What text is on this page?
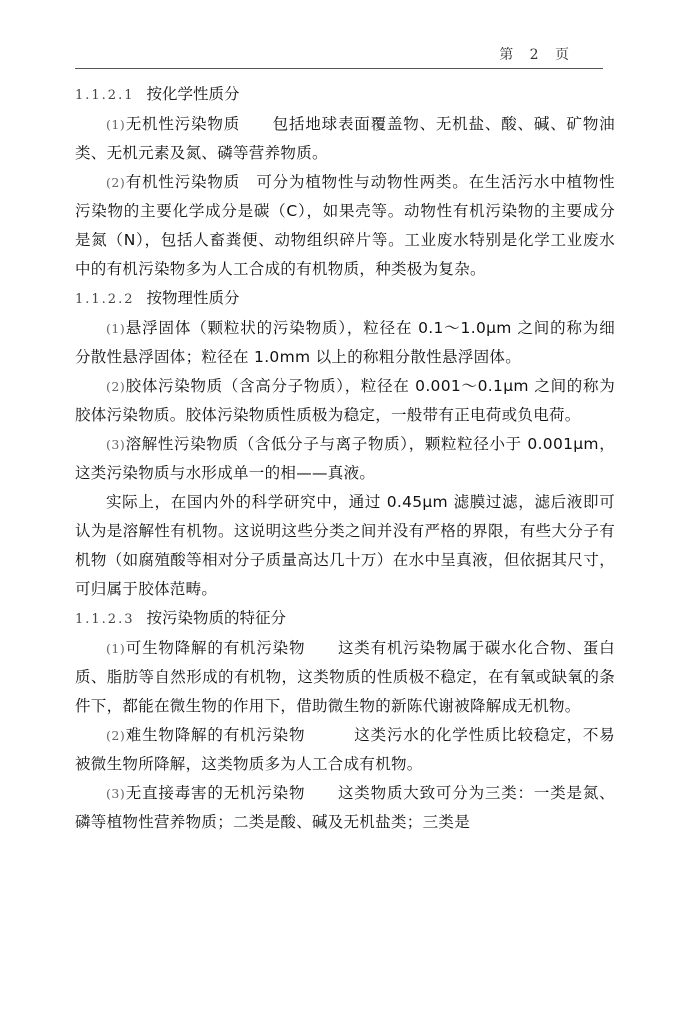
第 2 页

1.1.2.1 按化学性质分

(1)无机性污染物质　　包括地球表面覆盖物、无机盐、酸、碱、矿物油类、无机元素及氮、磷等营养物质。

(2)有机性污染物质　可分为植物性与动物性两类。在生活污水中植物性污染物的主要化学成分是碳（C），如果壳等。动物性有机污染物的主要成分是氮（N），包括人畜粪便、动物组织碎片等。工业废水特别是化学工业废水中的有机污染物多为人工合成的有机物质，种类极为复杂。

1.1.2.2 按物理性质分

(1)悬浮固体（颗粒状的污染物质），粒径在 0.1～1.0μm 之间的称为细分散性悬浮固体；粒径在 1.0mm 以上的称粗分散性悬浮固体。

(2)胶体污染物质（含高分子物质），粒径在 0.001～0.1μm 之间的称为胶体污染物质。胶体污染物质性质极为稳定，一般带有正电荷或负电荷。

(3)溶解性污染物质（含低分子与离子物质），颗粒粒径小于 0.001μm，这类污染物质与水形成单一的相——真液。

实际上，在国内外的科学研究中，通过 0.45μm 滤膜过滤，滤后液即可认为是溶解性有机物。这说明这些分类之间并没有严格的界限，有些大分子有机物（如腐殖酸等相对分子质量高达几十万）在水中呈真液，但依据其尺寸，可归属于胶体范畴。

1.1.2.3 按污染物质的特征分

(1)可生物降解的有机污染物　　这类有机污染物属于碳水化合物、蛋白质、脂肪等自然形成的有机物，这类物质的性质极不稳定，在有氧或缺氧的条件下，都能在微生物的作用下，借助微生物的新陈代谢被降解成无机物。

(2)难生物降解的有机污染物　　　这类污水的化学性质比较稳定，不易被微生物所降解，这类物质多为人工合成有机物。

(3)无直接毒害的无机污染物　　这类物质大致可分为三类：一类是氮、磷等植物性营养物质；二类是酸、碱及无机盐类；三类是
